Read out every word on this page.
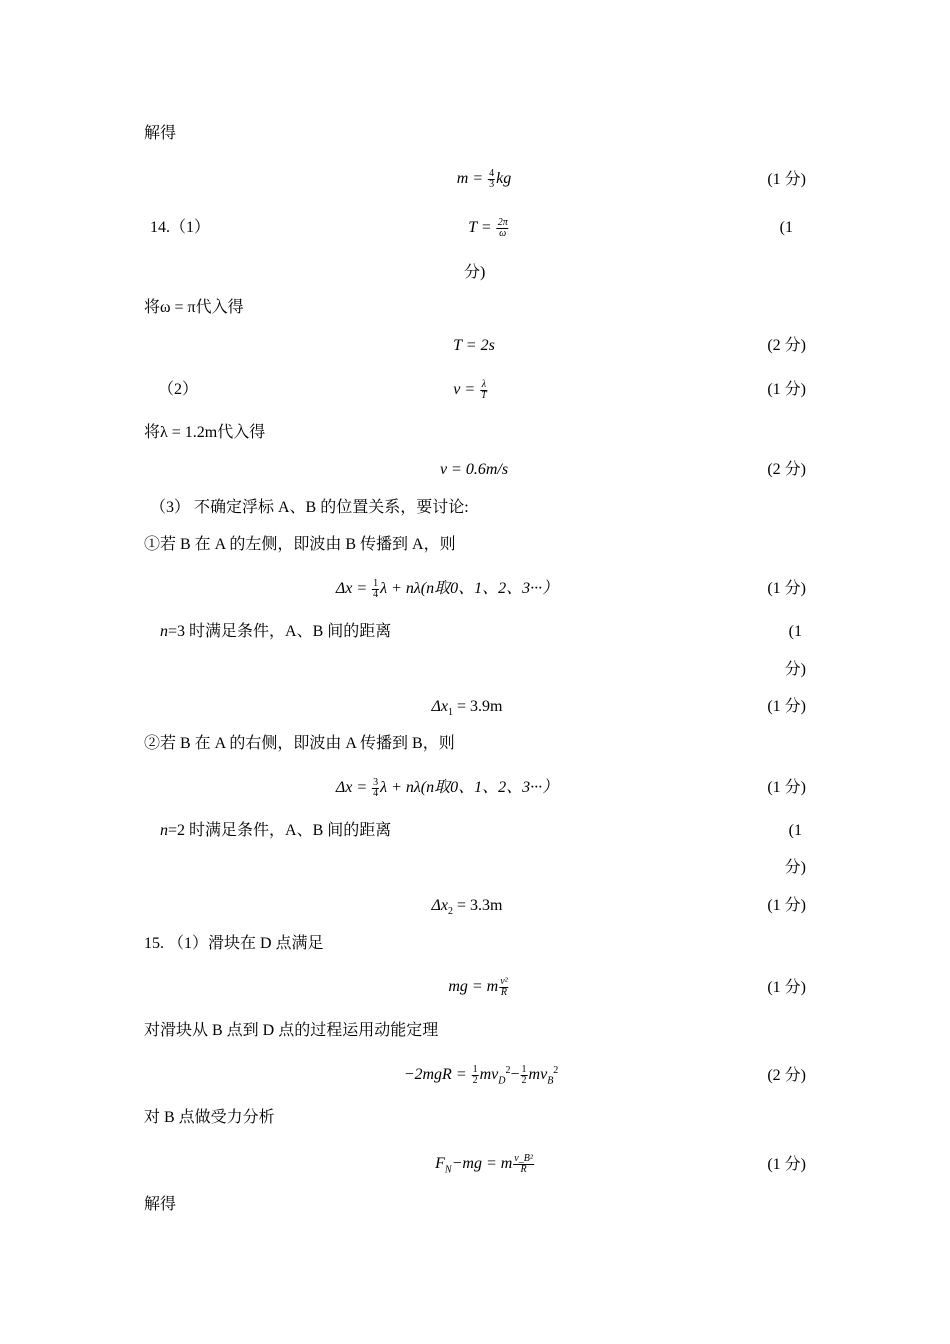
解得
$m = \frac{4}{3}$ kg	(1 分)
14.（1）	$T = \frac{2\pi}{\omega}$	(1
分)
将ω = π代入得
T = 2s	(2 分)
（2）	$v = \frac{\lambda}{T}$	(1 分)
将λ = 1.2m代入得
v = 0.6m/s	(2 分)
（3） 不确定浮标 A、B 的位置关系，要讨论:
①若 B 在 A 的左侧，即波由 B 传播到 A，则
$\Delta x = \frac{1}{4}$ λ + nλ(n取0、1、2、3···）	(1 分)
n=3 时满足条件，A、B 间的距离	(1
分)
$\Delta x_1 = 3.9m$	(1 分)
②若 B 在 A 的右侧，即波由 A 传播到 B，则
$\Delta x = \frac{3}{4}$ λ + nλ(n取0、1、2、3···）	(1 分)
n=2 时满足条件，A、B 间的距离	(1
分)
$\Delta x_2 = 3.3m$	(1 分)
15. （1）滑块在 D 点满足
mg = m $\frac{\text{v²}}{R}$	(1 分)
对滑块从 B 点到 D 点的过程运用动能定理
$-2mgR = \frac{1}{2} mv_D^2- \frac{1}{2} mv_B^2$	(2 分)
对 B 点做受力分析
$F_N-mg = m \frac{\text{v\_B²}}{R}$	(1 分)
解得
